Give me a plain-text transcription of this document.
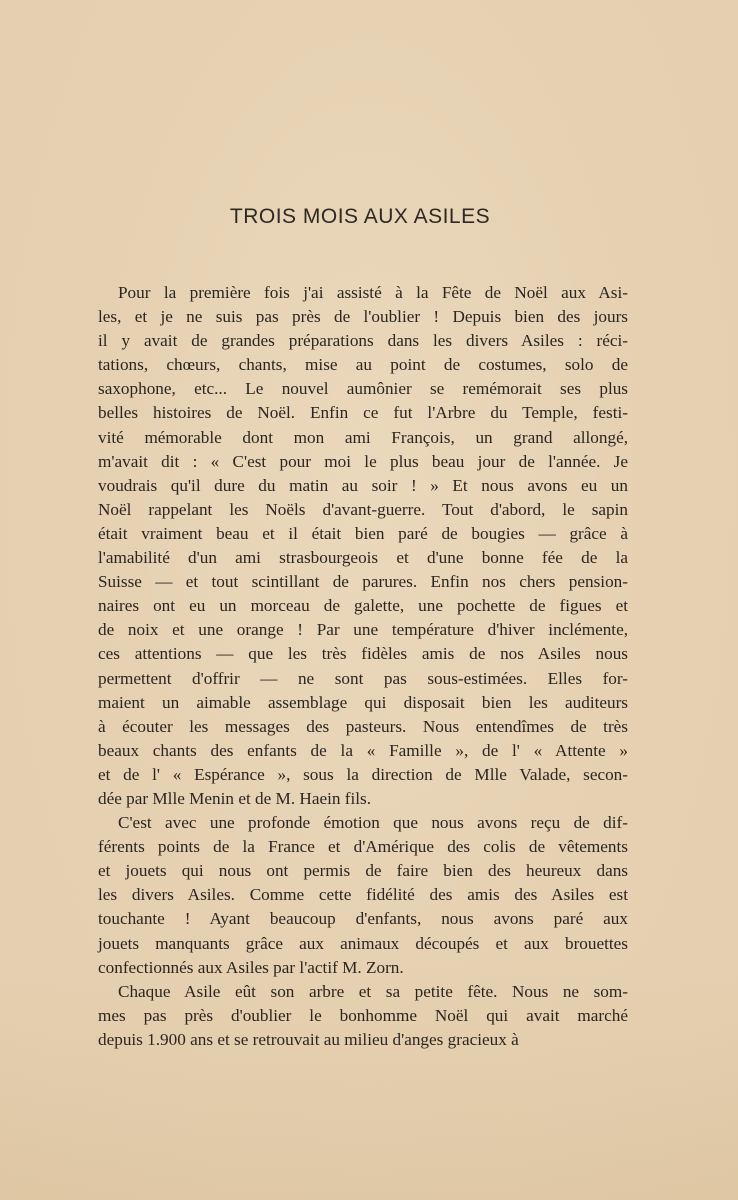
TROIS MOIS AUX ASILES
Pour la première fois j'ai assisté à la Fête de Noël aux Asi-
les, et je ne suis pas près de l'oublier ! Depuis bien des jours
il y avait de grandes préparations dans les divers Asiles : réci-
tations, chœurs, chants, mise au point de costumes, solo de
saxophone, etc... Le nouvel aumônier se remémorait ses plus
belles histoires de Noël. Enfin ce fut l'Arbre du Temple, festi-
vité mémorable dont mon ami François, un grand allongé,
m'avait dit : « C'est pour moi le plus beau jour de l'année. Je
voudrais qu'il dure du matin au soir ! » Et nous avons eu un
Noël rappelant les Noëls d'avant-guerre. Tout d'abord, le sapin
était vraiment beau et il était bien paré de bougies — grâce à
l'amabilité d'un ami strasbourgeois et d'une bonne fée de la
Suisse — et tout scintillant de parures. Enfin nos chers pension-
naires ont eu un morceau de galette, une pochette de figues et
de noix et une orange ! Par une température d'hiver inclémente,
ces attentions — que les très fidèles amis de nos Asiles nous
permettent d'offrir — ne sont pas sous-estimées. Elles for-
maient un aimable assemblage qui disposait bien les auditeurs
à écouter les messages des pasteurs. Nous entendîmes de très
beaux chants des enfants de la « Famille », de l' « Attente »
et de l' « Espérance », sous la direction de Mlle Valade, secon-
dée par Mlle Menin et de M. Haein fils.
C'est avec une profonde émotion que nous avons reçu de dif-
férents points de la France et d'Amérique des colis de vêtements
et jouets qui nous ont permis de faire bien des heureux dans
les divers Asiles. Comme cette fidélité des amis des Asiles est
touchante ! Ayant beaucoup d'enfants, nous avons paré aux
jouets manquants grâce aux animaux découpés et aux brouettes
confectionnés aux Asiles par l'actif M. Zorn.
Chaque Asile eût son arbre et sa petite fête. Nous ne som-
mes pas près d'oublier le bonhomme Noël qui avait marché
depuis 1.900 ans et se retrouvait au milieu d'anges gracieux à
